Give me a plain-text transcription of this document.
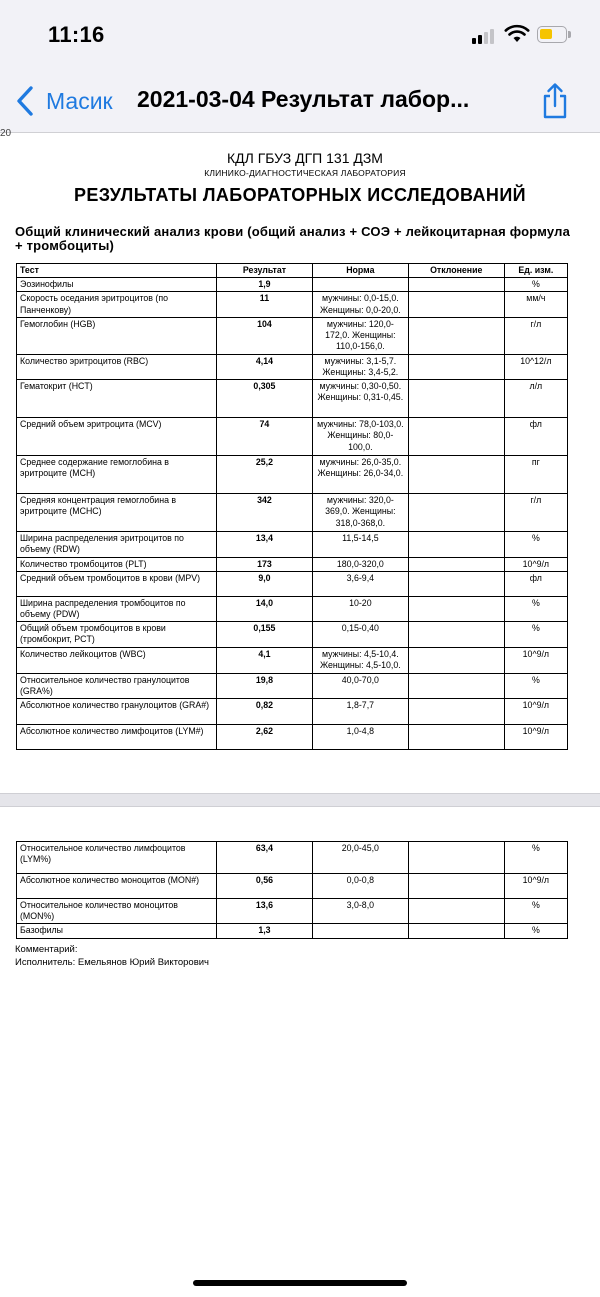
11:16
Масик 2021-03-04 Результат лабор...
20
КДЛ ГБУЗ ДГП 131 ДЗМ
КЛИНИКО-ДИАГНОСТИЧЕСКАЯ ЛАБОРАТОРИЯ
РЕЗУЛЬТАТЫ ЛАБОРАТОРНЫХ ИССЛЕДОВАНИЙ
Общий клинический анализ крови (общий анализ + СОЭ + лейкоцитарная формула + тромбоциты)
Тест	Результат	Норма	Отклонение	Ед. изм.
Эозинофилы	1,9			%
Скорость оседания эритроцитов (по Панченкову)	11	мужчины: 0,0-15,0. Женщины: 0,0-20,0.		мм/ч
Гемоглобин (HGB)	104	мужчины: 120,0-172,0. Женщины: 110,0-156,0.		г/л
Количество эритроцитов (RBC)	4,14	мужчины: 3,1-5,7. Женщины: 3,4-5,2.		10^12/л
Гематокрит (HCT)	0,305	мужчины: 0,30-0,50. Женщины: 0,31-0,45.		л/л
Средний объем эритроцита (MCV)	74	мужчины: 78,0-103,0. Женщины: 80,0-100,0.		фл
Среднее содержание гемоглобина в эритроците (MCH)	25,2	мужчины: 26,0-35,0. Женщины: 26,0-34,0.		пг
Средняя концентрация гемоглобина в эритроците (MCHC)	342	мужчины: 320,0-369,0. Женщины: 318,0-368,0.		г/л
Ширина распределения эритроцитов по объему (RDW)	13,4	11,5-14,5		%
Количество тромбоцитов (PLT)	173	180,0-320,0		10^9/л
Средний объем тромбоцитов в крови (MPV)	9,0	3,6-9,4		фл
Ширина распределения тромбоцитов по объему (PDW)	14,0	10-20		%
Общий объем тромбоцитов в крови (тромбокрит, PCT)	0,155	0,15-0,40		%
Количество лейкоцитов (WBC)	4,1	мужчины: 4,5-10,4. Женщины: 4,5-10,0.		10^9/л
Относительное количество гранулоцитов (GRA%)	19,8	40,0-70,0		%
Абсолютное количество гранулоцитов (GRA#)	0,82	1,8-7,7		10^9/л
Абсолютное количество лимфоцитов (LYM#)	2,62	1,0-4,8		10^9/л
Относительное количество лимфоцитов (LYM%)	63,4	20,0-45,0		%
Абсолютное количество моноцитов (MON#)	0,56	0,0-0,8		10^9/л
Относительное количество моноцитов (MON%)	13,6	3,0-8,0		%
Базофилы	1,3			%
Комментарий:
Исполнитель: Емельянов Юрий Викторович
